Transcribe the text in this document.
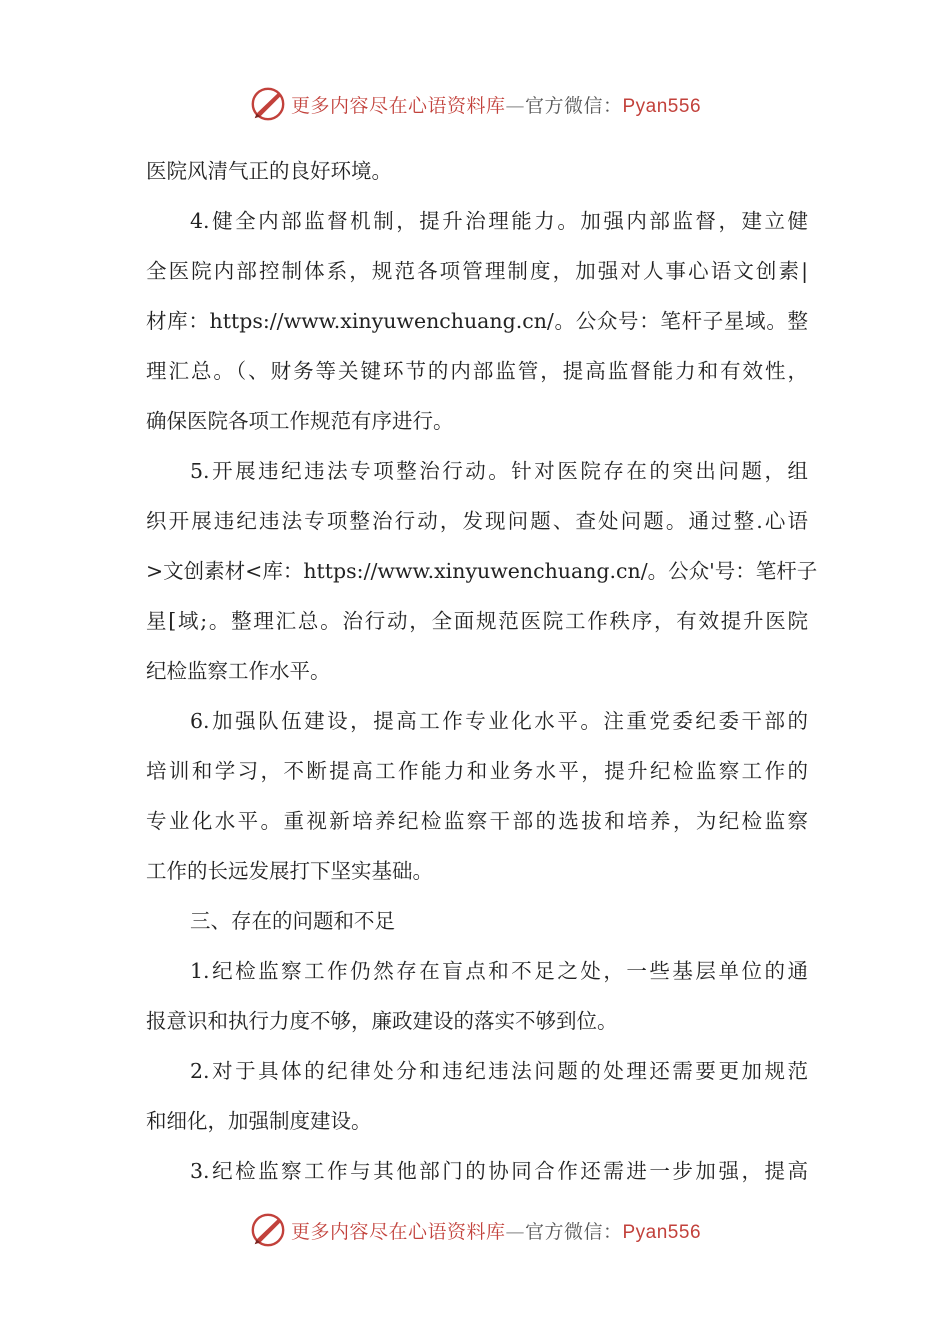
更多内容尽在心语资料库—官方微信：Pyan556
医院风清气正的良好环境。
4.健全内部监督机制，提升治理能力。加强内部监督，建立健
全医院内部控制体系，规范各项管理制度，加强对人事心语文创素|
材库：https://www.xinyuwenchuang.cn/。公众号：笔杆子星域。整
理汇总。（、财务等关键环节的内部监管，提高监督能力和有效性，
确保医院各项工作规范有序进行。
5.开展违纪违法专项整治行动。针对医院存在的突出问题，组
织开展违纪违法专项整治行动，发现问题、查处问题。通过整.心语
>文创素材<库：https://www.xinyuwenchuang.cn/。公众'号：笔杆子
星[域;。整理汇总。治行动，全面规范医院工作秩序，有效提升医院
纪检监察工作水平。
6.加强队伍建设，提高工作专业化水平。注重党委纪委干部的
培训和学习，不断提高工作能力和业务水平，提升纪检监察工作的
专业化水平。重视新培养纪检监察干部的选拔和培养，为纪检监察
工作的长远发展打下坚实基础。
三、存在的问题和不足
1.纪检监察工作仍然存在盲点和不足之处，一些基层单位的通
报意识和执行力度不够，廉政建设的落实不够到位。
2.对于具体的纪律处分和违纪违法问题的处理还需要更加规范
和细化，加强制度建设。
3.纪检监察工作与其他部门的协同合作还需进一步加强，提高
更多内容尽在心语资料库—官方微信：Pyan556
